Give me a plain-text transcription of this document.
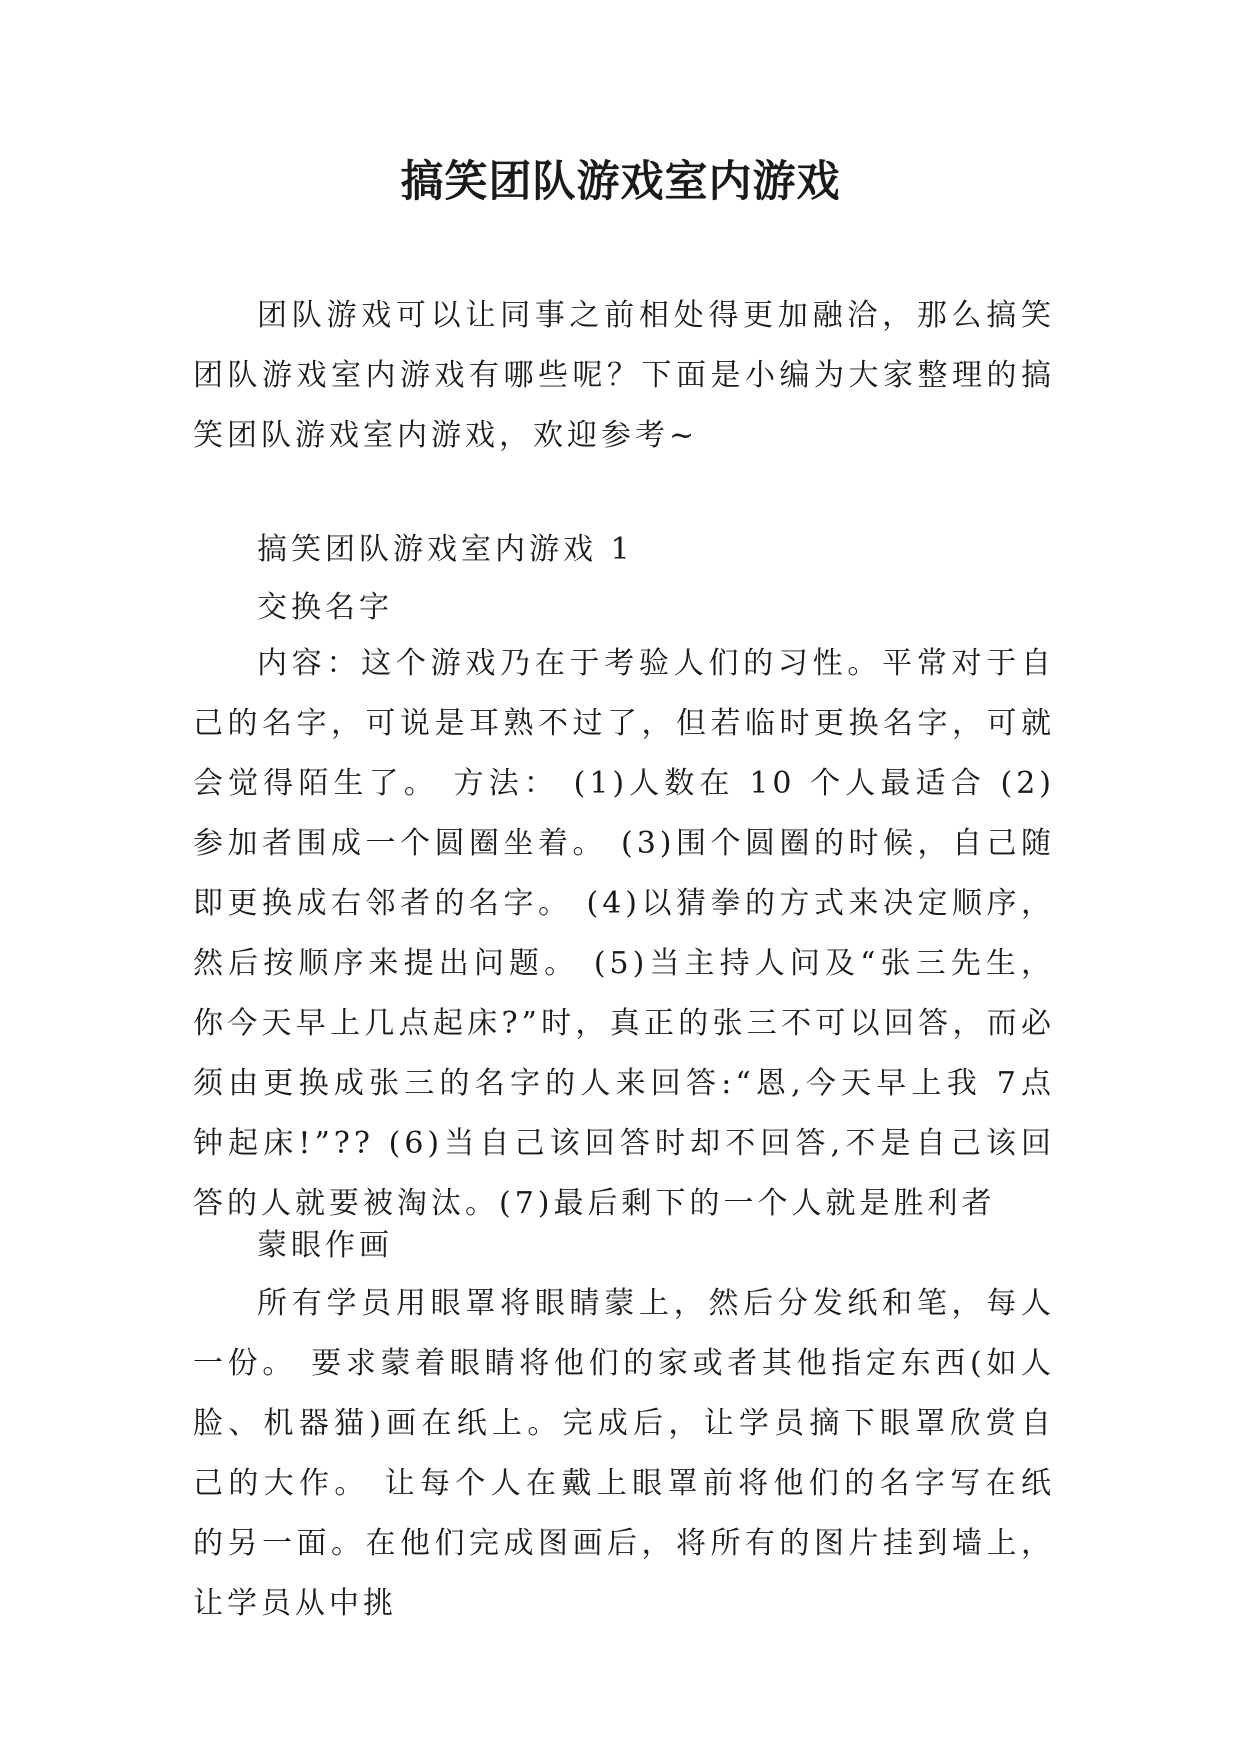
搞笑团队游戏室内游戏

团队游戏可以让同事之前相处得更加融洽，那么搞笑团队游戏室内游戏有哪些呢？下面是小编为大家整理的搞笑团队游戏室内游戏，欢迎参考~

搞笑团队游戏室内游戏 1

交换名字

内容：这个游戏乃在于考验人们的习性。平常对于自己的名字，可说是耳熟不过了，但若临时更换名字，可就会觉得陌生了。 方法： (1)人数在 10 个人最适合 (2)参加者围成一个圆圈坐着。 (3)围个圆圈的时候，自己随即更换成右邻者的名字。 (4)以猜拳的方式来决定顺序，然后按顺序来提出问题。 (5)当主持人问及“张三先生，你今天早上几点起床?”时，真正的张三不可以回答，而必须由更换成张三的名字的人来回答:“恩,今天早上我 7点钟起床!”?? (6)当自己该回答时却不回答,不是自己该回答的人就要被淘汰。(7)最后剩下的一个人就是胜利者

蒙眼作画

所有学员用眼罩将眼睛蒙上，然后分发纸和笔，每人一份。 要求蒙着眼睛将他们的家或者其他指定东西(如人脸、机器猫)画在纸上。完成后，让学员摘下眼罩欣赏自己的大作。 让每个人在戴上眼罩前将他们的名字写在纸的另一面。在他们完成图画后，将所有的图片挂到墙上，让学员从中挑
